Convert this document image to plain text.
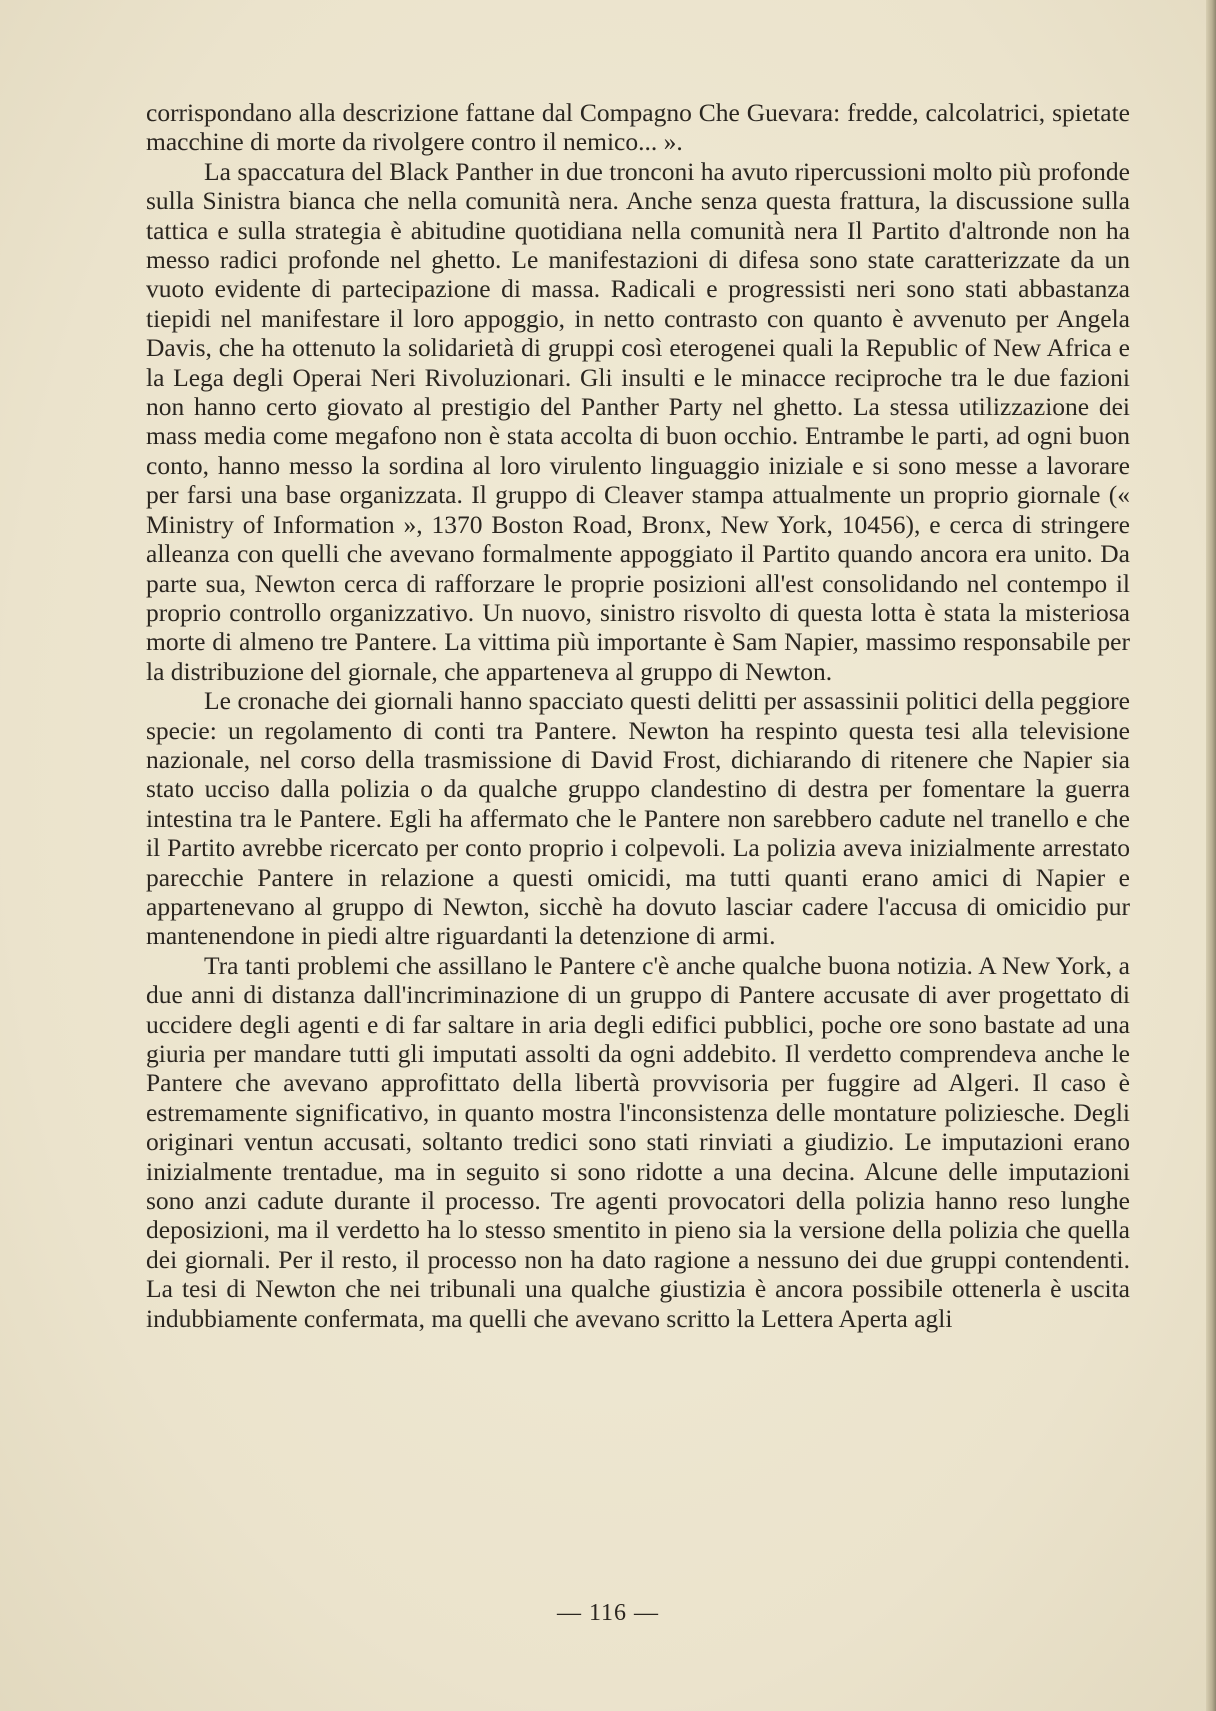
corrispondano alla descrizione fattane dal Compagno Che Guevara: fredde, calcolatrici, spietate macchine di morte da rivolgere contro il nemico... ».

La spaccatura del Black Panther in due tronconi ha avuto ripercussioni molto più profonde sulla Sinistra bianca che nella comunità nera. Anche senza questa frattura, la discussione sulla tattica e sulla strategia è abitudine quotidiana nella comunità nera Il Partito d'altronde non ha messo radici profonde nel ghetto. Le manifestazioni di difesa sono state caratterizzate da un vuoto evidente di partecipazione di massa. Radicali e progressisti neri sono stati abbastanza tiepidi nel manifestare il loro appoggio, in netto contrasto con quanto è avvenuto per Angela Davis, che ha ottenuto la solidarietà di gruppi così eterogenei quali la Republic of New Africa e la Lega degli Operai Neri Rivoluzionari. Gli insulti e le minacce reciproche tra le due fazioni non hanno certo giovato al prestigio del Panther Party nel ghetto. La stessa utilizzazione dei mass media come megafono non è stata accolta di buon occhio. Entrambe le parti, ad ogni buon conto, hanno messo la sordina al loro virulento linguaggio iniziale e si sono messe a lavorare per farsi una base organizzata. Il gruppo di Cleaver stampa attualmente un proprio giornale (« Ministry of Information », 1370 Boston Road, Bronx, New York, 10456), e cerca di stringere alleanza con quelli che avevano formalmente appoggiato il Partito quando ancora era unito. Da parte sua, Newton cerca di rafforzare le proprie posizioni all'est consolidando nel contempo il proprio controllo organizzativo. Un nuovo, sinistro risvolto di questa lotta è stata la misteriosa morte di almeno tre Pantere. La vittima più importante è Sam Napier, massimo responsabile per la distribuzione del giornale, che apparteneva al gruppo di Newton.

Le cronache dei giornali hanno spacciato questi delitti per assassinii politici della peggiore specie: un regolamento di conti tra Pantere. Newton ha respinto questa tesi alla televisione nazionale, nel corso della trasmissione di David Frost, dichiarando di ritenere che Napier sia stato ucciso dalla polizia o da qualche gruppo clandestino di destra per fomentare la guerra intestina tra le Pantere. Egli ha affermato che le Pantere non sarebbero cadute nel tranello e che il Partito avrebbe ricercato per conto proprio i colpevoli. La polizia aveva inizialmente arrestato parecchie Pantere in relazione a questi omicidi, ma tutti quanti erano amici di Napier e appartenevano al gruppo di Newton, sicchè ha dovuto lasciar cadere l'accusa di omicidio pur mantenendone in piedi altre riguardanti la detenzione di armi.

Tra tanti problemi che assillano le Pantere c'è anche qualche buona notizia. A New York, a due anni di distanza dall'incriminazione di un gruppo di Pantere accusate di aver progettato di uccidere degli agenti e di far saltare in aria degli edifici pubblici, poche ore sono bastate ad una giuria per mandare tutti gli imputati assolti da ogni addebito. Il verdetto comprendeva anche le Pantere che avevano approfittato della libertà provvisoria per fuggire ad Algeri. Il caso è estremamente significativo, in quanto mostra l'inconsistenza delle montature poliziesche. Degli originari ventun accusati, soltanto tredici sono stati rinviati a giudizio. Le imputazioni erano inizialmente trentadue, ma in seguito si sono ridotte a una decina. Alcune delle imputazioni sono anzi cadute durante il processo. Tre agenti provocatori della polizia hanno reso lunghe deposizioni, ma il verdetto ha lo stesso smentito in pieno sia la versione della polizia che quella dei giornali. Per il resto, il processo non ha dato ragione a nessuno dei due gruppi contendenti. La tesi di Newton che nei tribunali una qualche giustizia è ancora possibile ottenerla è uscita indubbiamente confermata, ma quelli che avevano scritto la Lettera Aperta agli

— 116 —
